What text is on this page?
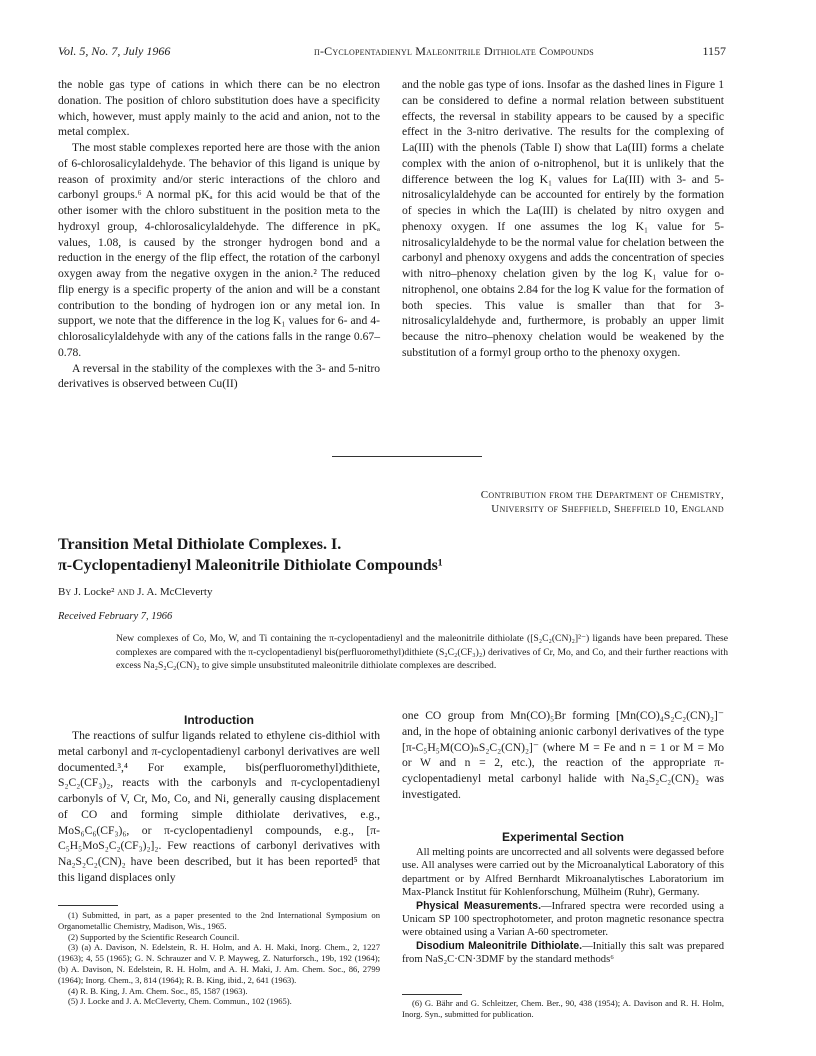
Vol. 5, No. 7, July 1966	π-Cyclopentadienyl Maleonitrile Dithiolate Compounds	1157

the noble gas type of cations in which there can be no electron donation. The position of chloro substitution does have a specificity which, however, must apply mainly to the acid and anion, not to the metal complex.

The most stable complexes reported here are those with the anion of 6-chlorosalicylaldehyde. The behavior of this ligand is unique by reason of proximity and/or steric interactions of the chloro and carbonyl groups.⁶ A normal pKₐ for this acid would be that of the other isomer with the chloro substituent in the position meta to the hydroxyl group, 4-chlorosalicylaldehyde. The difference in pKₐ values, 1.08, is caused by the stronger hydrogen bond and a reduction in the energy of the flip effect, the rotation of the carbonyl oxygen away from the negative oxygen in the anion.² The reduced flip energy is a specific property of the anion and will be a constant contribution to the bonding of hydrogen ion or any metal ion. In support, we note that the difference in the log K₁ values for 6- and 4-chlorosalicylaldehyde with any of the cations falls in the range 0.67–0.78.

A reversal in the stability of the complexes with the 3- and 5-nitro derivatives is observed between Cu(II)

and the noble gas type of ions. Insofar as the dashed lines in Figure 1 can be considered to define a normal relation between substituent effects, the reversal in stability appears to be caused by a specific effect in the 3-nitro derivative. The results for the complexing of La(III) with the phenols (Table I) show that La(III) forms a chelate complex with the anion of o-nitrophenol, but it is unlikely that the difference between the log K₁ values for La(III) with 3- and 5-nitrosalicylaldehyde can be accounted for entirely by the formation of species in which the La(III) is chelated by nitro oxygen and phenoxy oxygen. If one assumes the log K₁ value for 5-nitrosalicylaldehyde to be the normal value for chelation between the carbonyl and phenoxy oxygens and adds the concentration of species with nitro–phenoxy chelation given by the log K₁ value for o-nitrophenol, one obtains 2.84 for the log K value for the formation of both species. This value is smaller than that for 3-nitrosalicylaldehyde and, furthermore, is probably an upper limit because the nitro–phenoxy chelation would be weakened by the substitution of a formyl group ortho to the phenoxy oxygen.

Contribution from the Department of Chemistry,
University of Sheffield, Sheffield 10, England
Transition Metal Dithiolate Complexes. I.
π-Cyclopentadienyl Maleonitrile Dithiolate Compounds¹
By J. Locke² and J. A. McCleverty
Received February 7, 1966
New complexes of Co, Mo, W, and Ti containing the π-cyclopentadienyl and the maleonitrile dithiolate ([S₂C₂(CN)₂]²⁻) ligands have been prepared. These complexes are compared with the π-cyclopentadienyl bis(perfluoromethyl)dithiete (S₂C₂(CF₃)₂) derivatives of Cr, Mo, and Co, and their further reactions with excess Na₂S₂C₂(CN)₂ to give simple unsubstituted maleonitrile dithiolate complexes are described.
Introduction

The reactions of sulfur ligands related to ethylene cis-dithiol with metal carbonyl and π-cyclopentadienyl carbonyl derivatives are well documented.³,⁴ For example, bis(perfluoromethyl)dithiete, S₂C₂(CF₃)₂, reacts with the carbonyls and π-cyclopentadienyl carbonyls of V, Cr, Mo, Co, and Ni, generally causing displacement of CO and forming simple dithiolate derivatives, e.g., MoS₆C₆(CF₃)₆, or π-cyclopentadienyl compounds, e.g., [π-C₅H₅MoS₂C₂(CF₃)₂]₂. Few reactions of carbonyl derivatives with Na₂S₂C₂(CN)₂ have been described, but it has been reported⁵ that this ligand displaces only

one CO group from Mn(CO)₅Br forming [Mn(CO)₄S₂C₂(CN)₂]⁻ and, in the hope of obtaining anionic carbonyl derivatives of the type [π-C₅H₅M(CO)ₙS₂C₂(CN)₂]⁻ (where M = Fe and n = 1 or M = Mo or W and n = 2, etc.), the reaction of the appropriate π-cyclopentadienyl metal carbonyl halide with Na₂S₂C₂(CN)₂ was investigated.

Experimental Section

All melting points are uncorrected and all solvents were degassed before use. All analyses were carried out by the Microanalytical Laboratory of this department or by Alfred Bernhardt Mikroanalytisches Laboratorium im Max-Planck Institut für Kohlenforschung, Mülheim (Ruhr), Germany.

Physical Measurements.—Infrared spectra were recorded using a Unicam SP 100 spectrophotometer, and proton magnetic resonance spectra were obtained using a Varian A-60 spectrometer.

Disodium Maleonitrile Dithiolate.—Initially this salt was prepared from NaS₂C·CN·3DMF by the standard methods⁶

(1) Submitted, in part, as a paper presented to the 2nd International Symposium on Organometallic Chemistry, Madison, Wis., 1965.
(2) Supported by the Scientific Research Council.
(3) (a) A. Davison, N. Edelstein, R. H. Holm, and A. H. Maki, Inorg. Chem., 2, 1227 (1963); 4, 55 (1965); G. N. Schrauzer and V. P. Mayweg, Z. Naturforsch., 19b, 192 (1964); (b) A. Davison, N. Edelstein, R. H. Holm, and A. H. Maki, J. Am. Chem. Soc., 86, 2799 (1964); Inorg. Chem., 3, 814 (1964); R. B. King, ibid., 2, 641 (1963).
(4) R. B. King, J. Am. Chem. Soc., 85, 1587 (1963).
(5) J. Locke and J. A. McCleverty, Chem. Commun., 102 (1965).	(6) G. Bähr and G. Schleitzer, Chem. Ber., 90, 438 (1954); A. Davison and R. H. Holm, Inorg. Syn., submitted for publication.
